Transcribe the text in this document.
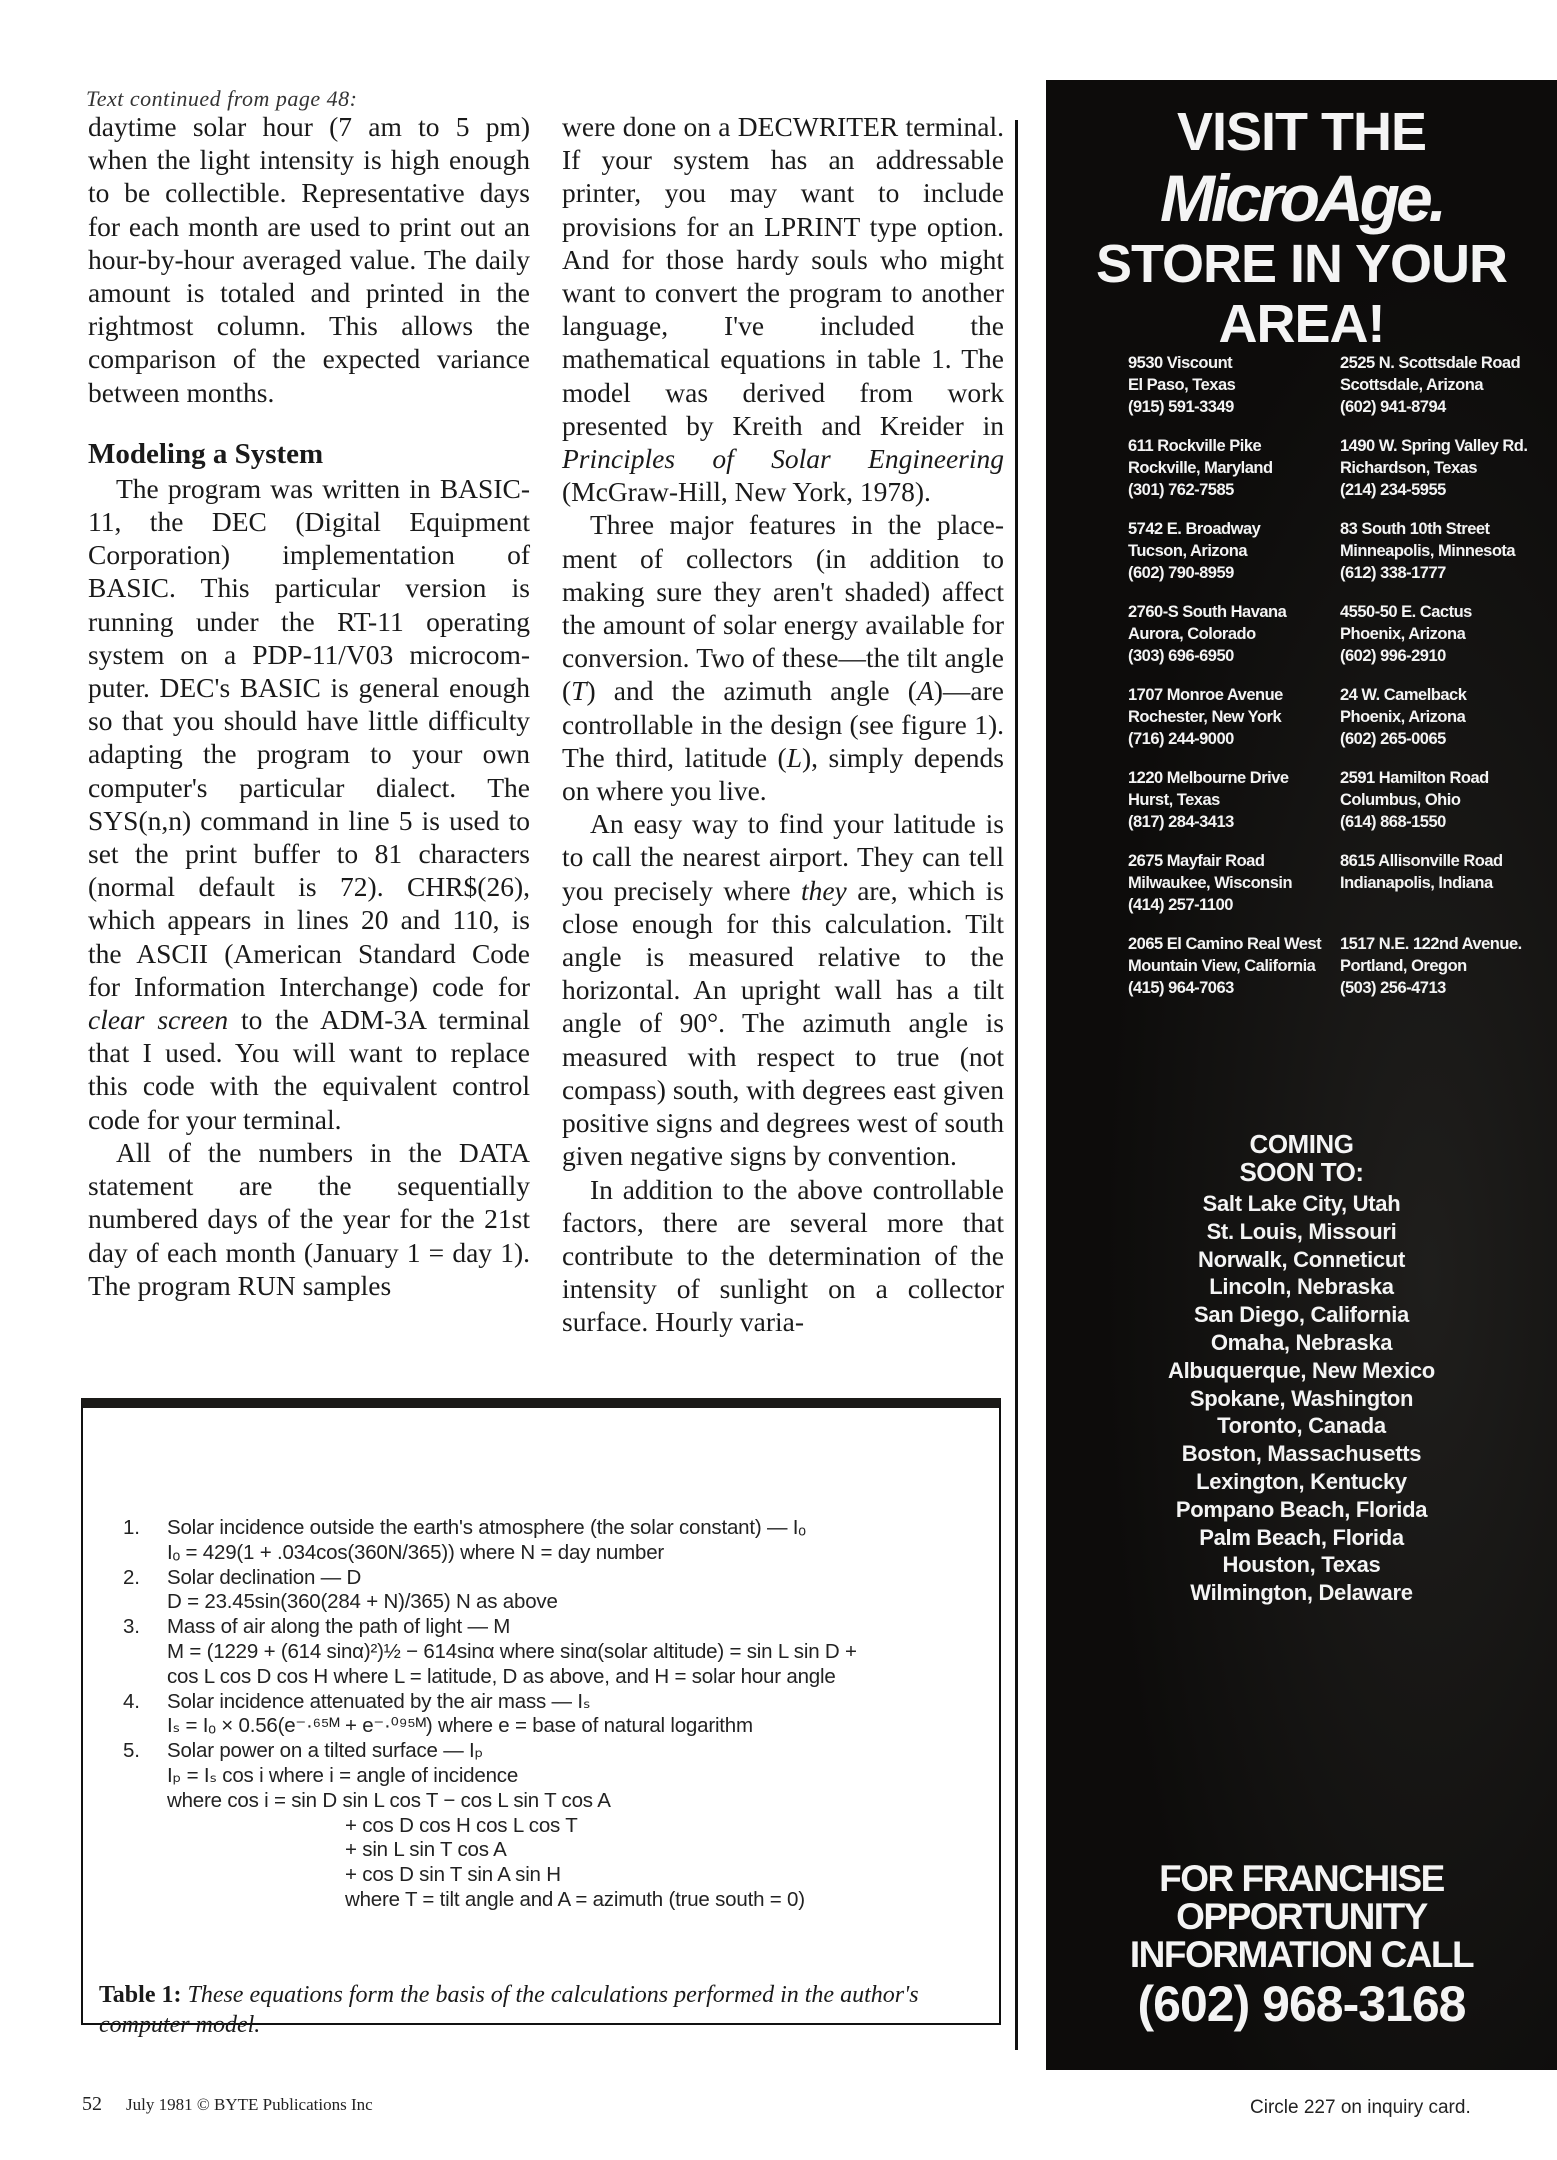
Text continued from page 48:

daytime solar hour (7 am to 5 pm) when the light intensity is high enough to be collectible. Representative days for each month are used to print out an hour-by-hour averaged value. The daily amount is totaled and printed in the rightmost column. This allows the comparison of the expected variance between months.

Modeling a System

The program was written in BASIC-11, the DEC (Digital Equipment Corporation) implementation of BASIC. This particular version is running under the RT-11 operating system on a PDP-11/V03 microcomputer. DEC's BASIC is general enough so that you should have little difficulty adapting the program to your own computer's particular dialect. The SYS(n,n) command in line 5 is used to set the print buffer to 81 characters (normal default is 72). CHR$(26), which appears in lines 20 and 110, is the ASCII (American Standard Code for Information Interchange) code for clear screen to the ADM-3A terminal that I used. You will want to replace this code with the equivalent control code for your terminal.

All of the numbers in the DATA statement are the sequentially numbered days of the year for the 21st day of each month (January 1 = day 1). The program RUN samples

were done on a DECWRITER terminal. If your system has an addressable printer, you may want to include provisions for an LPRINT type option. And for those hardy souls who might want to convert the program to another language, I've included the mathematical equations in table 1. The model was derived from work presented by Kreith and Kreider in Principles of Solar Engineering (McGraw-Hill, New York, 1978).

Three major features in the placement of collectors (in addition to making sure they aren't shaded) affect the amount of solar energy available for conversion. Two of these—the tilt angle (T) and the azimuth angle (A)—are controllable in the design (see figure 1). The third, latitude (L), simply depends on where you live.

An easy way to find your latitude is to call the nearest airport. They can tell you precisely where they are, which is close enough for this calculation. Tilt angle is measured relative to the horizontal. An upright wall has a tilt angle of 90°. The azimuth angle is measured with respect to true (not compass) south, with degrees east given positive signs and degrees west of south given negative signs by convention.

In addition to the above controllable factors, there are several more that contribute to the determination of the intensity of sunlight on a collector surface. Hourly varia-

1.	Solar incidence outside the earth's atmosphere (the solar constant) — Iₒ
Iₒ = 429(1 + .034cos(360N/365)) where N = day number
2.	Solar declination — D
D = 23.45sin(360(284 + N)/365) N as above
3.	Mass of air along the path of light — M
M = (1229 + (614 sinα)²)½ − 614sinα where sinα(solar altitude) = sin L sin D +
cos L cos D cos H where L = latitude, D as above, and H = solar hour angle
4.	Solar incidence attenuated by the air mass — Iₛ
Iₛ = Iₒ × 0.56(e⁻·⁶⁵ᴹ + e⁻·⁰⁹⁵ᴹ) where e = base of natural logarithm
5.	Solar power on a tilted surface — Iₚ
Iₚ = Iₛ cos i where i = angle of incidence
where cos i = sin D sin L cos T − cos L sin T cos A
+ cos D cos H cos L cos T
+ sin L sin T cos A
+ cos D sin T sin A sin H
where T = tilt angle and A = azimuth (true south = 0)
Table 1: These equations form the basis of the calculations performed in the author's computer model.
52 July 1981 © BYTE Publications Inc
VISIT THE
MicroAge.
STORE IN YOUR
AREA!
9530 Viscount
El Paso, Texas
(915) 591-3349
2525 N. Scottsdale Road
Scottsdale, Arizona
(602) 941-8794
611 Rockville Pike
Rockville, Maryland
(301) 762-7585
1490 W. Spring Valley Rd.
Richardson, Texas
(214) 234-5955
5742 E. Broadway
Tucson, Arizona
(602) 790-8959
83 South 10th Street
Minneapolis, Minnesota
(612) 338-1777
2760-S South Havana
Aurora, Colorado
(303) 696-6950
4550-50 E. Cactus
Phoenix, Arizona
(602) 996-2910
1707 Monroe Avenue
Rochester, New York
(716) 244-9000
24 W. Camelback
Phoenix, Arizona
(602) 265-0065
1220 Melbourne Drive
Hurst, Texas
(817) 284-3413
2591 Hamilton Road
Columbus, Ohio
(614) 868-1550
2675 Mayfair Road
Milwaukee, Wisconsin
(414) 257-1100
8615 Allisonville Road
Indianapolis, Indiana
2065 El Camino Real West
Mountain View, California
(415) 964-7063
1517 N.E. 122nd Avenue.
Portland, Oregon
(503) 256-4713
COMING
SOON TO:
Salt Lake City, Utah
St. Louis, Missouri
Norwalk, Conneticut
Lincoln, Nebraska
San Diego, California
Omaha, Nebraska
Albuquerque, New Mexico
Spokane, Washington
Toronto, Canada
Boston, Massachusetts
Lexington, Kentucky
Pompano Beach, Florida
Palm Beach, Florida
Houston, Texas
Wilmington, Delaware
FOR FRANCHISE
OPPORTUNITY
INFORMATION CALL
(602) 968-3168
Circle 227 on inquiry card.
